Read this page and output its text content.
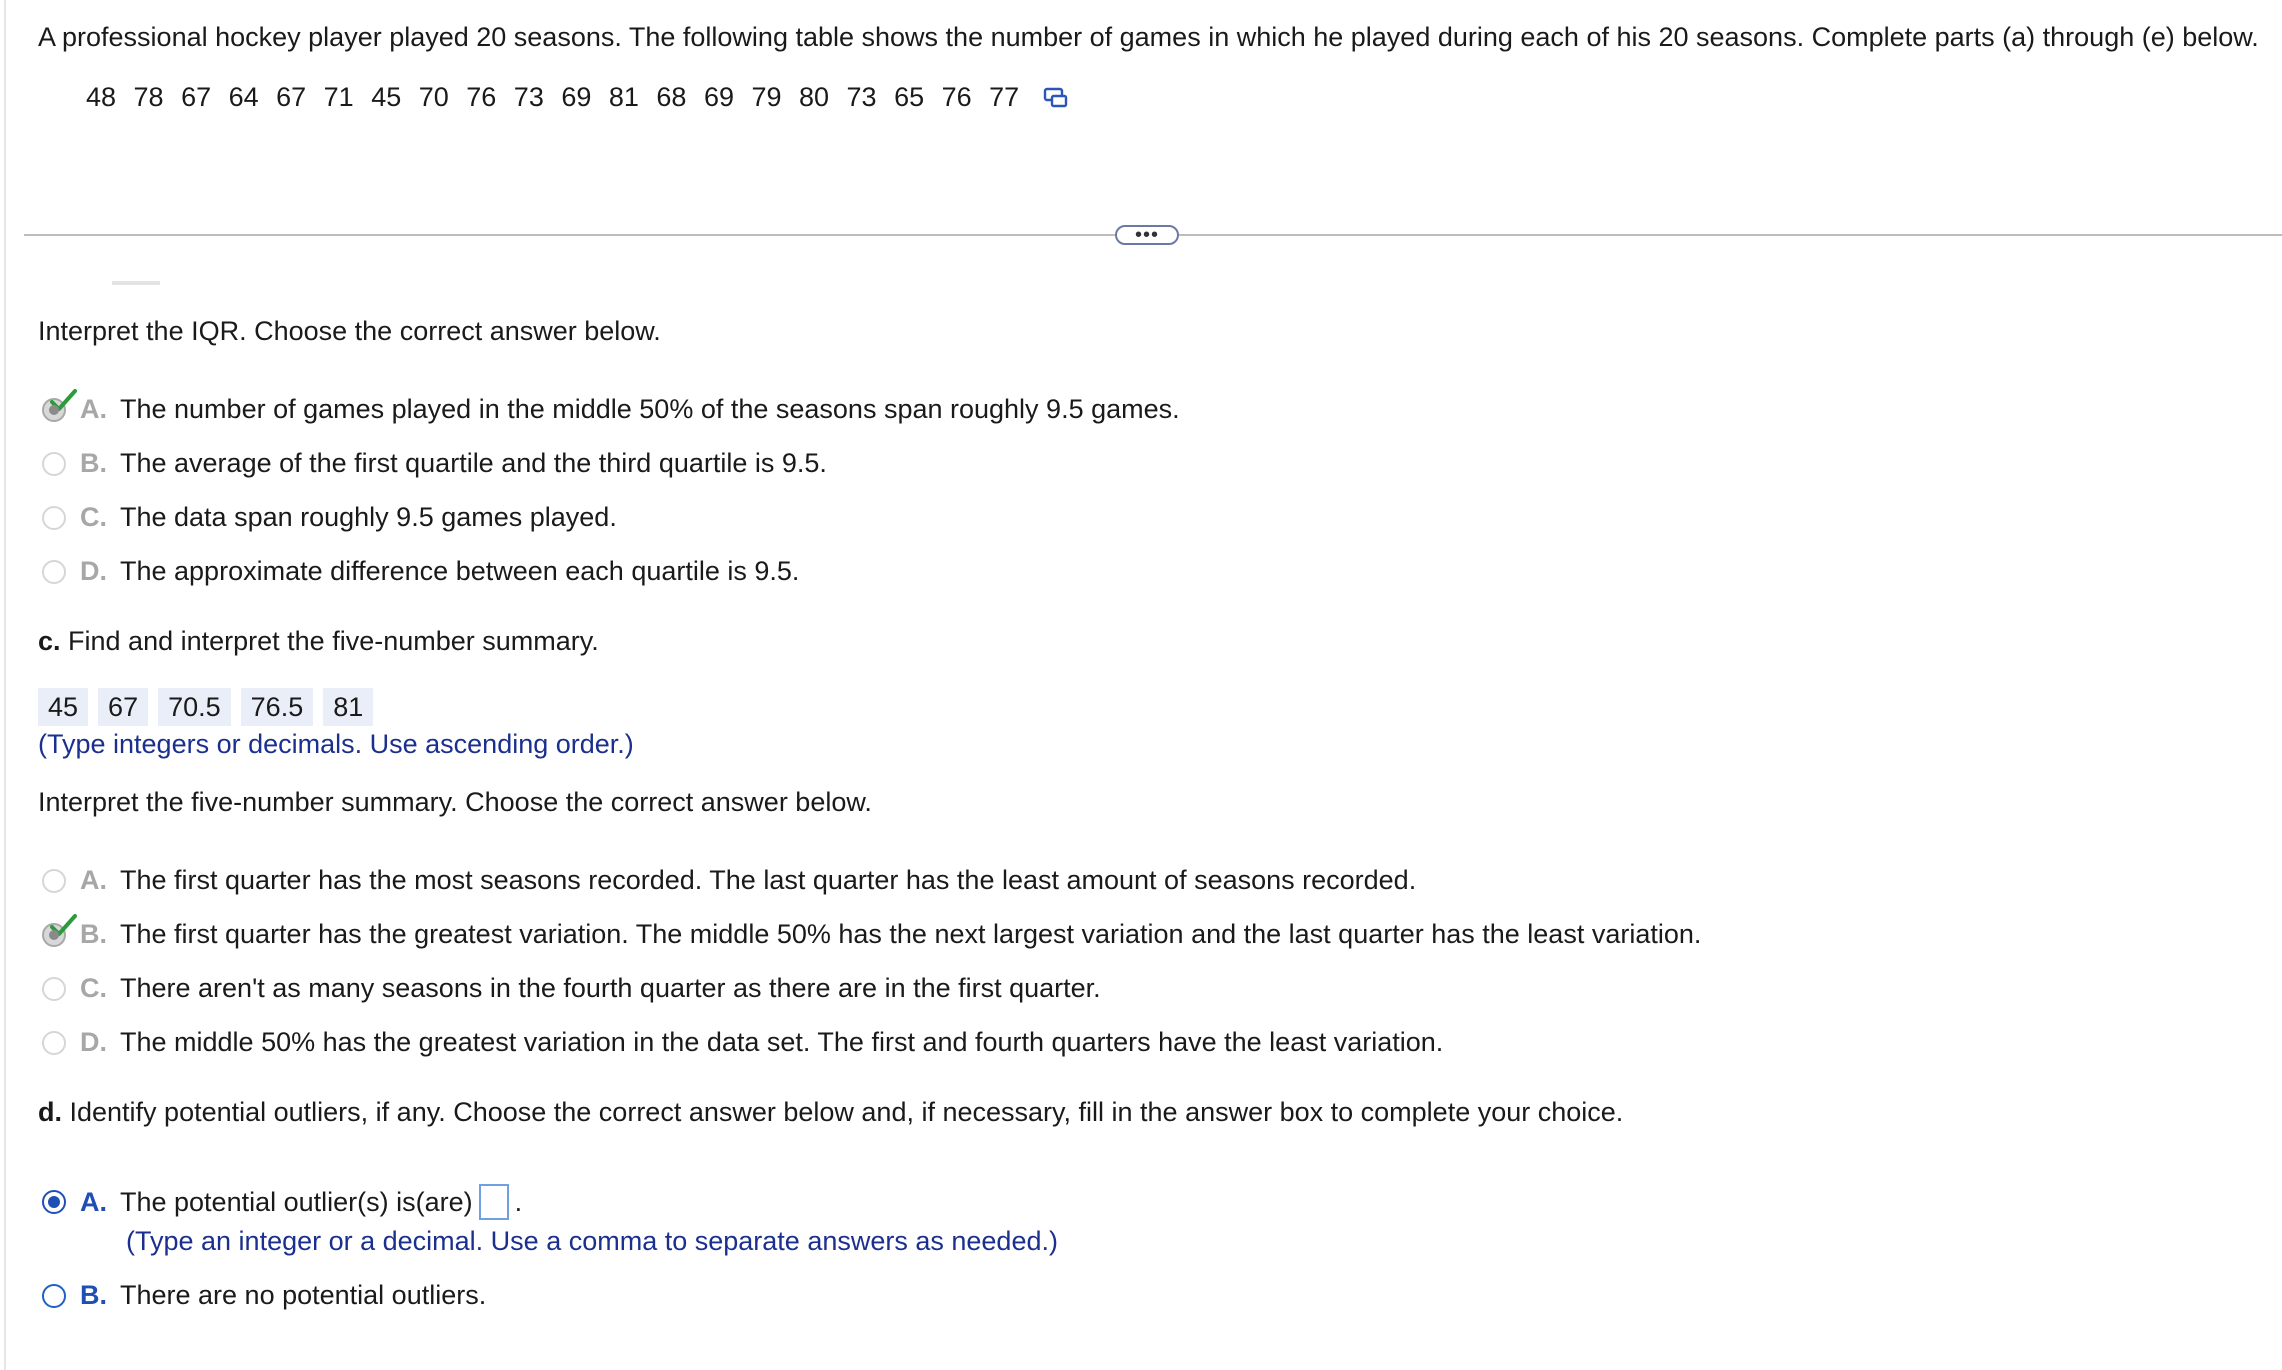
A professional hockey player played 20 seasons. The following table shows the number of games in which he played during each of his 20 seasons. Complete parts (a) through (e) below.
48 78 67 64 67 71 45 70 76 73 69 81 68 69 79 80 73 65 76 77
•••
Interpret the IQR. Choose the correct answer below.
A. The number of games played in the middle 50% of the seasons span roughly 9.5 games.
B. The average of the first quartile and the third quartile is 9.5.
C. The data span roughly 9.5 games played.
D. The approximate difference between each quartile is 9.5.
c. Find and interpret the five-number summary.
45	67	70.5	76.5	81
(Type integers or decimals. Use ascending order.)
Interpret the five-number summary. Choose the correct answer below.
A. The first quarter has the most seasons recorded. The last quarter has the least amount of seasons recorded.
B. The first quarter has the greatest variation. The middle 50% has the next largest variation and the last quarter has the least variation.
C. There aren't as many seasons in the fourth quarter as there are in the first quarter.
D. The middle 50% has the greatest variation in the data set. The first and fourth quarters have the least variation.
d. Identify potential outliers, if any. Choose the correct answer below and, if necessary, fill in the answer box to complete your choice.
A. The potential outlier(s) is(are) .
(Type an integer or a decimal. Use a comma to separate answers as needed.)
B. There are no potential outliers.
